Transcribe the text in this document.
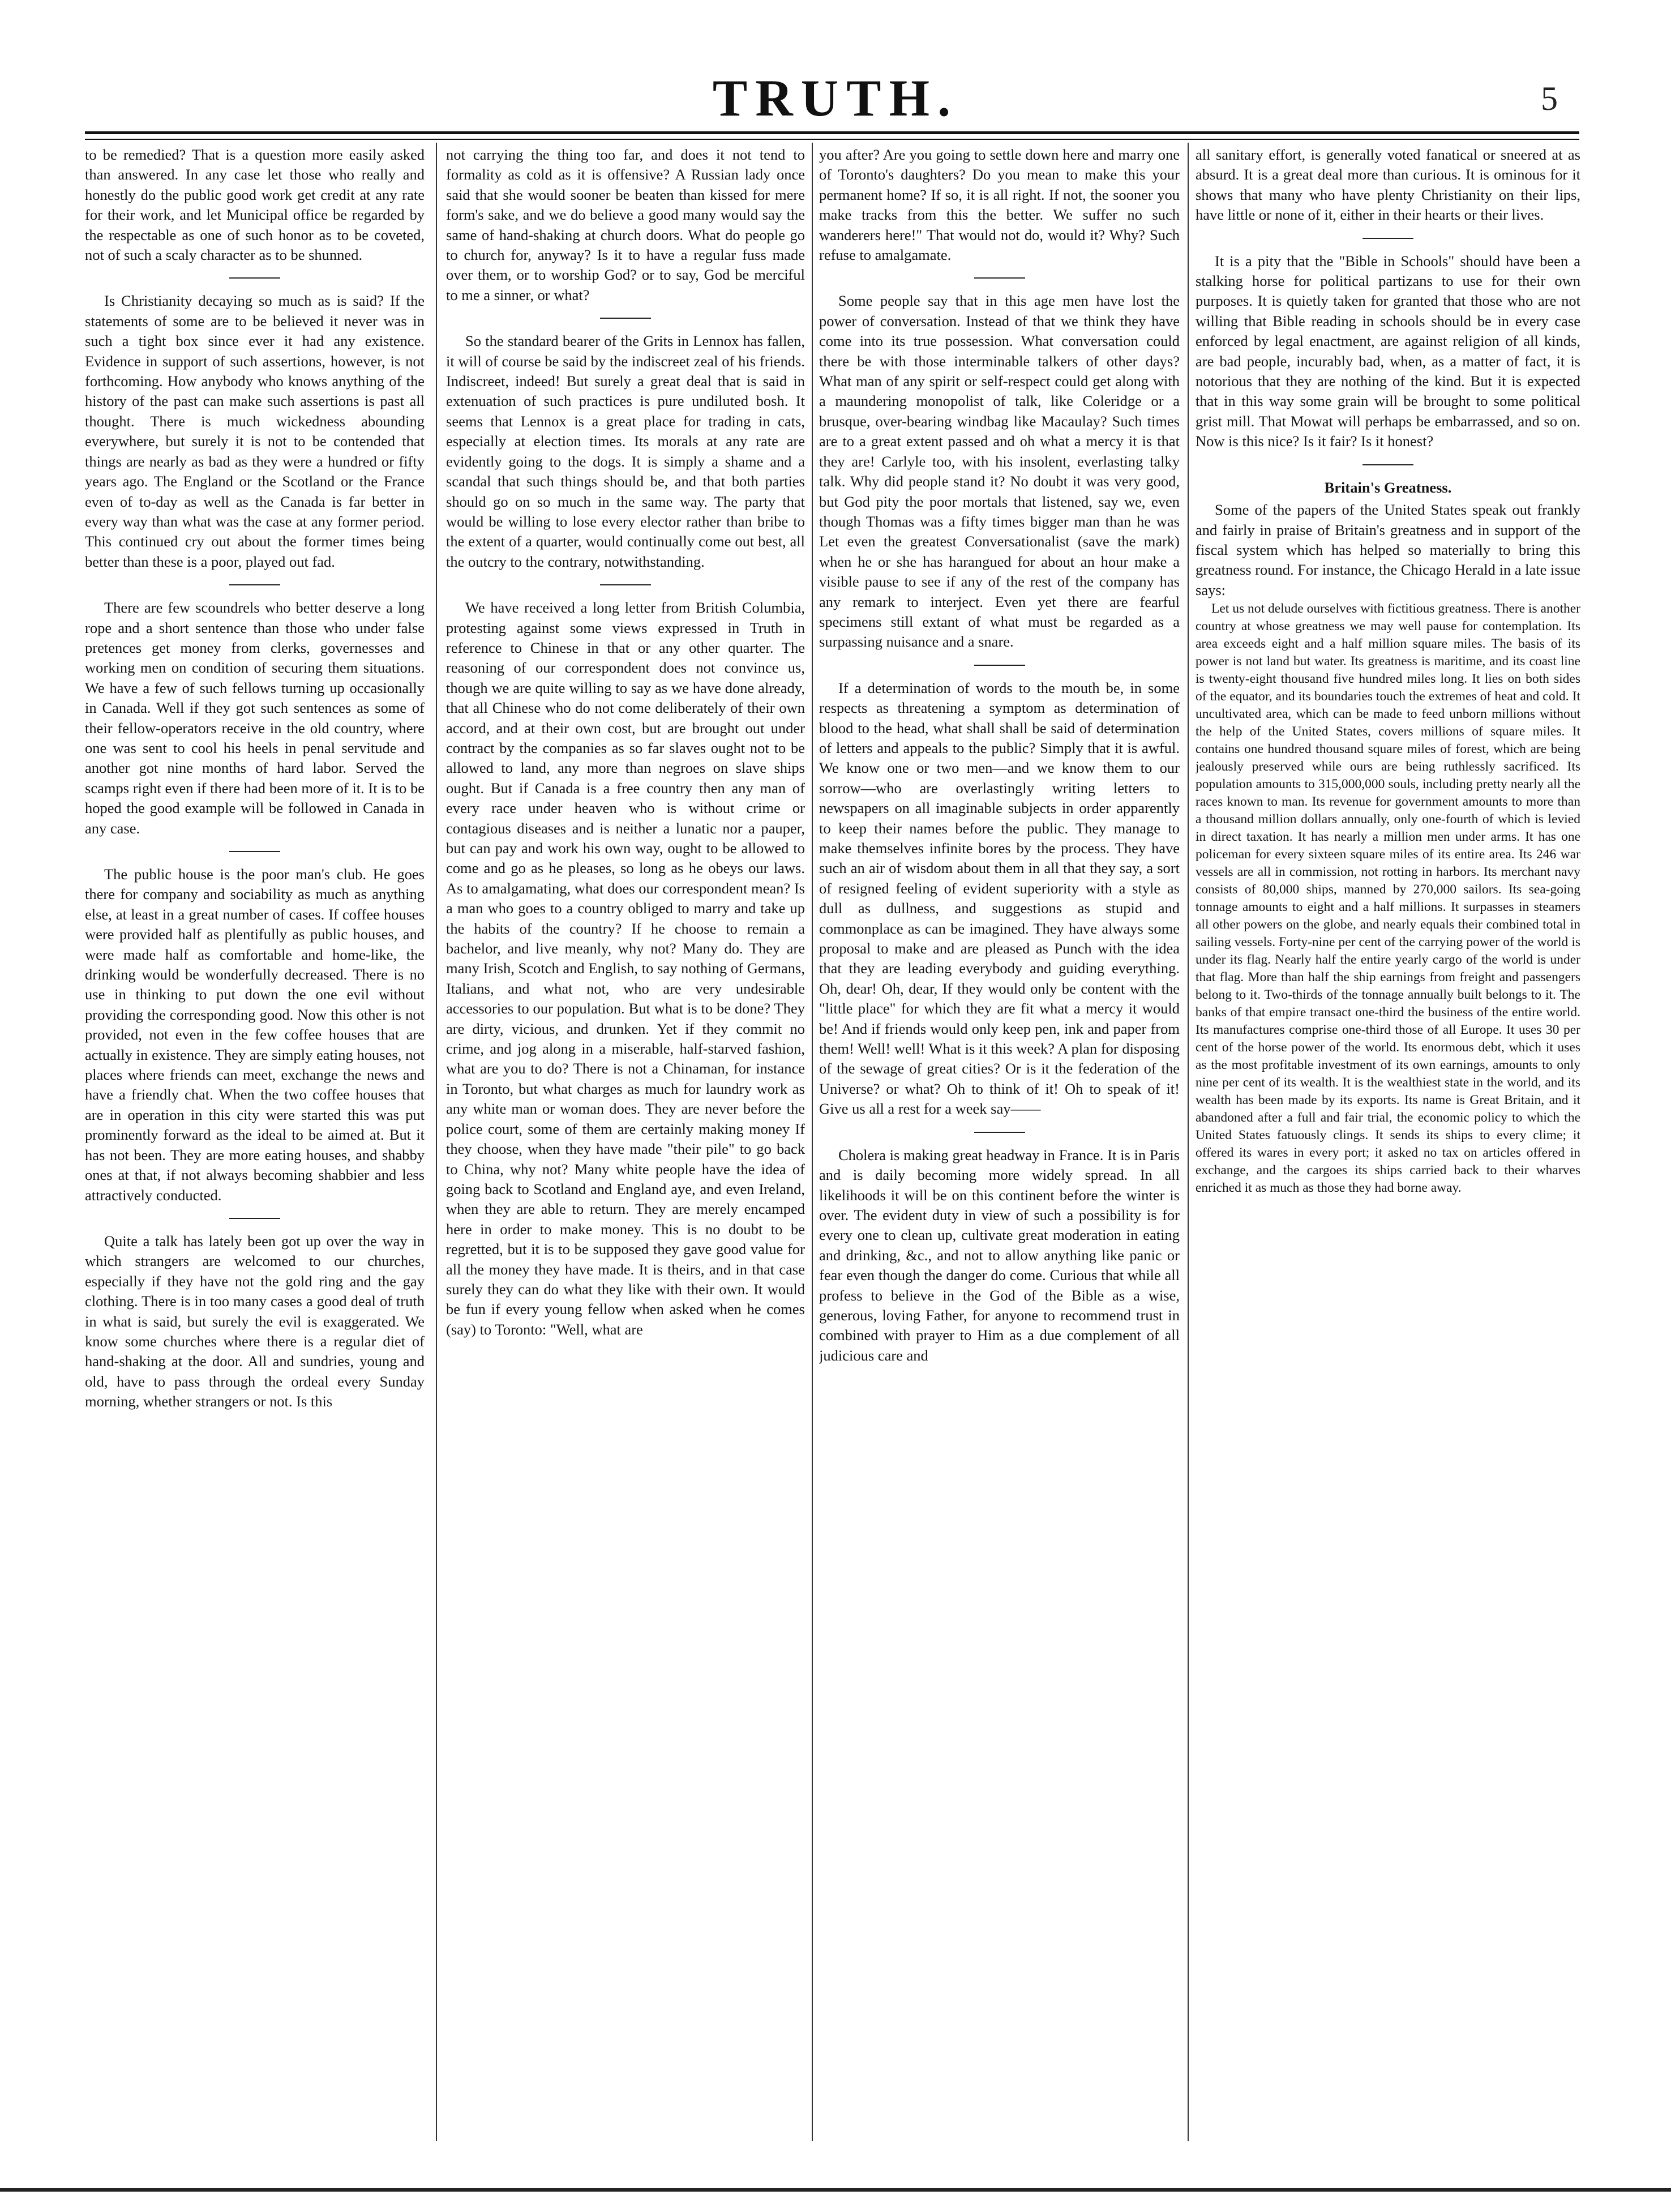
TRUTH.	5

to be remedied? That is a question more easily asked than answered. In any case let those who really and honestly do the public good work get credit at any rate for their work, and let Municipal office be regarded by the respectable as one of such honor as to be coveted, not of such a scaly character as to be shunned.

Is Christianity decaying so much as is said? If the statements of some are to be believed it never was in such a tight box since ever it had any existence. Evidence in support of such assertions, however, is not forthcoming. How anybody who knows anything of the history of the past can make such assertions is past all thought. There is much wickedness abounding everywhere, but surely it is not to be contended that things are nearly as bad as they were a hundred or fifty years ago. The England or the Scotland or the France even of to-day as well as the Canada is far better in every way than what was the case at any former period. This continued cry out about the former times being better than these is a poor, played out fad.

There are few scoundrels who better deserve a long rope and a short sentence than those who under false pretences get money from clerks, governesses and working men on condition of securing them situations. We have a few of such fellows turning up occasionally in Canada. Well if they got such sentences as some of their fellow-operators receive in the old country, where one was sent to cool his heels in penal servitude and another got nine months of hard labor. Served the scamps right even if there had been more of it. It is to be hoped the good example will be followed in Canada in any case.

The public house is the poor man's club. He goes there for company and sociability as much as anything else, at least in a great number of cases. If coffee houses were provided half as plentifully as public houses, and were made half as comfortable and home-like, the drinking would be wonderfully decreased. There is no use in thinking to put down the one evil without providing the corresponding good. Now this other is not provided, not even in the few coffee houses that are actually in existence. They are simply eating houses, not places where friends can meet, exchange the news and have a friendly chat. When the two coffee houses that are in operation in this city were started this was put prominently forward as the ideal to be aimed at. But it has not been. They are more eating houses, and shabby ones at that, if not always becoming shabbier and less attractively conducted.

Quite a talk has lately been got up over the way in which strangers are welcomed to our churches, especially if they have not the gold ring and the gay clothing. There is in too many cases a good deal of truth in what is said, but surely the evil is exaggerated. We know some churches where there is a regular diet of hand-shaking at the door. All and sundries, young and old, have to pass through the ordeal every Sunday morning, whether strangers or not. Is this

not carrying the thing too far, and does it not tend to formality as cold as it is offensive? A Russian lady once said that she would sooner be beaten than kissed for mere form's sake, and we do believe a good many would say the same of hand-shaking at church doors. What do people go to church for, anyway? Is it to have a regular fuss made over them, or to worship God? or to say, God be merciful to me a sinner, or what?

So the standard bearer of the Grits in Lennox has fallen, it will of course be said by the indiscreet zeal of his friends. Indiscreet, indeed! But surely a great deal that is said in extenuation of such practices is pure undiluted bosh. It seems that Lennox is a great place for trading in cats, especially at election times. Its morals at any rate are evidently going to the dogs. It is simply a shame and a scandal that such things should be, and that both parties should go on so much in the same way. The party that would be willing to lose every elector rather than bribe to the extent of a quarter, would continually come out best, all the outcry to the contrary, notwithstanding.

We have received a long letter from British Columbia, protesting against some views expressed in Truth in reference to Chinese in that or any other quarter. The reasoning of our correspondent does not convince us, though we are quite willing to say as we have done already, that all Chinese who do not come deliberately of their own accord, and at their own cost, but are brought out under contract by the companies as so far slaves ought not to be allowed to land, any more than negroes on slave ships ought. But if Canada is a free country then any man of every race under heaven who is without crime or contagious diseases and is neither a lunatic nor a pauper, but can pay and work his own way, ought to be allowed to come and go as he pleases, so long as he obeys our laws. As to amalgamating, what does our correspondent mean? Is a man who goes to a country obliged to marry and take up the habits of the country? If he choose to remain a bachelor, and live meanly, why not? Many do. They are many Irish, Scotch and English, to say nothing of Germans, Italians, and what not, who are very undesirable accessories to our population. But what is to be done? They are dirty, vicious, and drunken. Yet if they commit no crime, and jog along in a miserable, half-starved fashion, what are you to do? There is not a Chinaman, for instance in Toronto, but what charges as much for laundry work as any white man or woman does. They are never before the police court, some of them are certainly making money If they choose, when they have made "their pile" to go back to China, why not? Many white people have the idea of going back to Scotland and England aye, and even Ireland, when they are able to return. They are merely encamped here in order to make money. This is no doubt to be regretted, but it is to be supposed they gave good value for all the money they have made. It is theirs, and in that case surely they can do what they like with their own. It would be fun if every young fellow when asked when he comes (say) to Toronto: "Well, what are

you after? Are you going to settle down here and marry one of Toronto's daughters? Do you mean to make this your permanent home? If so, it is all right. If not, the sooner you make tracks from this the better. We suffer no such wanderers here!" That would not do, would it? Why? Such refuse to amalgamate.

Some people say that in this age men have lost the power of conversation. Instead of that we think they have come into its true possession. What conversation could there be with those interminable talkers of other days? What man of any spirit or self-respect could get along with a maundering monopolist of talk, like Coleridge or a brusque, over-bearing windbag like Macaulay? Such times are to a great extent passed and oh what a mercy it is that they are! Carlyle too, with his insolent, everlasting talky talk. Why did people stand it? No doubt it was very good, but God pity the poor mortals that listened, say we, even though Thomas was a fifty times bigger man than he was Let even the greatest Conversationalist (save the mark) when he or she has harangued for about an hour make a visible pause to see if any of the rest of the company has any remark to interject. Even yet there are fearful specimens still extant of what must be regarded as a surpassing nuisance and a snare.

If a determination of words to the mouth be, in some respects as threatening a symptom as determination of blood to the head, what shall shall be said of determination of letters and appeals to the public? Simply that it is awful. We know one or two men—and we know them to our sorrow—who are overlastingly writing letters to newspapers on all imaginable subjects in order apparently to keep their names before the public. They manage to make themselves infinite bores by the process. They have such an air of wisdom about them in all that they say, a sort of resigned feeling of evident superiority with a style as dull as dullness, and suggestions as stupid and commonplace as can be imagined. They have always some proposal to make and are pleased as Punch with the idea that they are leading everybody and guiding everything. Oh, dear! Oh, dear, If they would only be content with the "little place" for which they are fit what a mercy it would be! And if friends would only keep pen, ink and paper from them! Well! well! What is it this week? A plan for disposing of the sewage of great cities? Or is it the federation of the Universe? or what? Oh to think of it! Oh to speak of it! Give us all a rest for a week say——

Cholera is making great headway in France. It is in Paris and is daily becoming more widely spread. In all likelihoods it will be on this continent before the winter is over. The evident duty in view of such a possibility is for every one to clean up, cultivate great moderation in eating and drinking, &c., and not to allow anything like panic or fear even though the danger do come. Curious that while all profess to believe in the God of the Bible as a wise, generous, loving Father, for anyone to recommend trust in combined with prayer to Him as a due complement of all judicious care and

all sanitary effort, is generally voted fanatical or sneered at as absurd. It is a great deal more than curious. It is ominous for it shows that many who have plenty Christianity on their lips, have little or none of it, either in their hearts or their lives.

It is a pity that the "Bible in Schools" should have been a stalking horse for political partizans to use for their own purposes. It is quietly taken for granted that those who are not willing that Bible reading in schools should be in every case enforced by legal enactment, are against religion of all kinds, are bad people, incurably bad, when, as a matter of fact, it is notorious that they are nothing of the kind. But it is expected that in this way some grain will be brought to some political grist mill. That Mowat will perhaps be embarrassed, and so on. Now is this nice? Is it fair? Is it honest?

Britain's Greatness.

Some of the papers of the United States speak out frankly and fairly in praise of Britain's greatness and in support of the fiscal system which has helped so materially to bring this greatness round. For instance, the Chicago Herald in a late issue says:

Let us not delude ourselves with fictitious greatness. There is another country at whose greatness we may well pause for contemplation. Its area exceeds eight and a half million square miles. The basis of its power is not land but water. Its greatness is maritime, and its coast line is twenty-eight thousand five hundred miles long. It lies on both sides of the equator, and its boundaries touch the extremes of heat and cold. It uncultivated area, which can be made to feed unborn millions without the help of the United States, covers millions of square miles. It contains one hundred thousand square miles of forest, which are being jealously preserved while ours are being ruthlessly sacrificed. Its population amounts to 315,000,000 souls, including pretty nearly all the races known to man. Its revenue for government amounts to more than a thousand million dollars annually, only one-fourth of which is levied in direct taxation. It has nearly a million men under arms. It has one policeman for every sixteen square miles of its entire area. Its 246 war vessels are all in commission, not rotting in harbors. Its merchant navy consists of 80,000 ships, manned by 270,000 sailors. Its sea-going tonnage amounts to eight and a half millions. It surpasses in steamers all other powers on the globe, and nearly equals their combined total in sailing vessels. Forty-nine per cent of the carrying power of the world is under its flag. Nearly half the entire yearly cargo of the world is under that flag. More than half the ship earnings from freight and passengers belong to it. Two-thirds of the tonnage annually built belongs to it. The banks of that empire transact one-third the business of the entire world. Its manufactures comprise one-third those of all Europe. It uses 30 per cent of the horse power of the world. Its enormous debt, which it uses as the most profitable investment of its own earnings, amounts to only nine per cent of its wealth. It is the wealthiest state in the world, and its wealth has been made by its exports. Its name is Great Britain, and it abandoned after a full and fair trial, the economic policy to which the United States fatuously clings. It sends its ships to every clime; it offered its wares in every port; it asked no tax on articles offered in exchange, and the cargoes its ships carried back to their wharves enriched it as much as those they had borne away.
